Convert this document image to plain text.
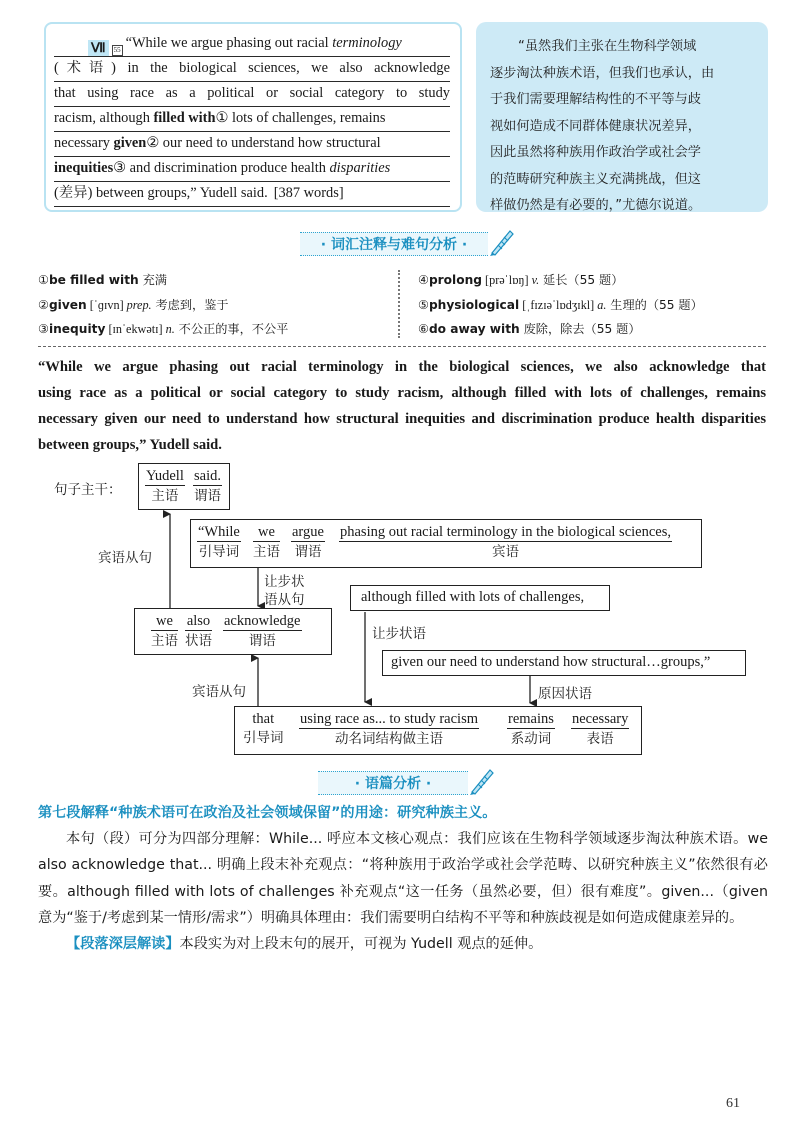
Ⅶ	55 “While we argue phasing out racial terminology
(术语) in the biological sciences, we also acknowledge
that using race as a political or social category to study
racism, although filled with ① lots of challenges, remains
necessary given ② our need to understand how structural
inequities ③ and discrimination produce health disparities
(差异) between groups,” Yudell said. [387 words]
“虽然我们主张在生物科学领域
逐步淘汰种族术语，但我们也承认，由
于我们需要理解结构性的不平等与歧
视如何造成不同群体健康状况差异，
因此虽然将种族用作政治学或社会学
的范畴研究种族主义充满挑战，但这
样做仍然是有必要的，”尤德尔说道。
· 词汇注释与难句分析 ·
①be filled with 充满
②given [ˈɡɪvn] prep. 考虑到，鉴于
③inequity [ɪnˈekwətɪ] n. 不公正的事，不公平
④prolong [prəˈlɒŋ] v. 延长（55 题）
⑤physiological [ˌfɪzɪəˈlɒdʒɪkl] a. 生理的（55 题）
⑥do away with 废除，除去（55 题）
“While we argue phasing out racial terminology in the biological sciences, we also acknowledge that
using race as a political or social category to study racism, although filled with lots of challenges, remains
necessary given our need to understand how structural inequities and discrimination produce health disparities
between groups,” Yudell said.
句子主干：
Yudell
主语
said.
谓语
宾语从句
“While
引导词
we
主语
argue
谓语
phasing out racial terminology in the biological sciences,
宾语
让步状
语从句	although filled with lots of challenges,
we
主语
also
状语
acknowledge
谓语	让步状语
given our need to understand how structural…groups,”
原因状语
宾语从句
that
引导词
using race as... to study racism
动名词结构做主语
remains
系动词
necessary
表语
· 语篇分析 ·
第七段解释“种族术语可在政治及社会领域保留”的用途：研究种族主义。
本句（段）可分为四部分理解：While... 呼应本文核心观点：我们应该在生物科学领域逐步淘汰种族术语。we also acknowledge that... 明确上段末补充观点：“将种族用于政治学或社会学范畴、以研究种族主义”依然很有必要。although filled with lots of challenges 补充观点“这一任务（虽然必要，但）很有难度”。given...（given 意为“鉴于/考虑到某一情形/需求”）明确具体理由：我们需要明白结构不平等和种族歧视是如何造成健康差异的。
【段落深层解读】本段实为对上段末句的展开，可视为 Yudell 观点的延伸。
61
